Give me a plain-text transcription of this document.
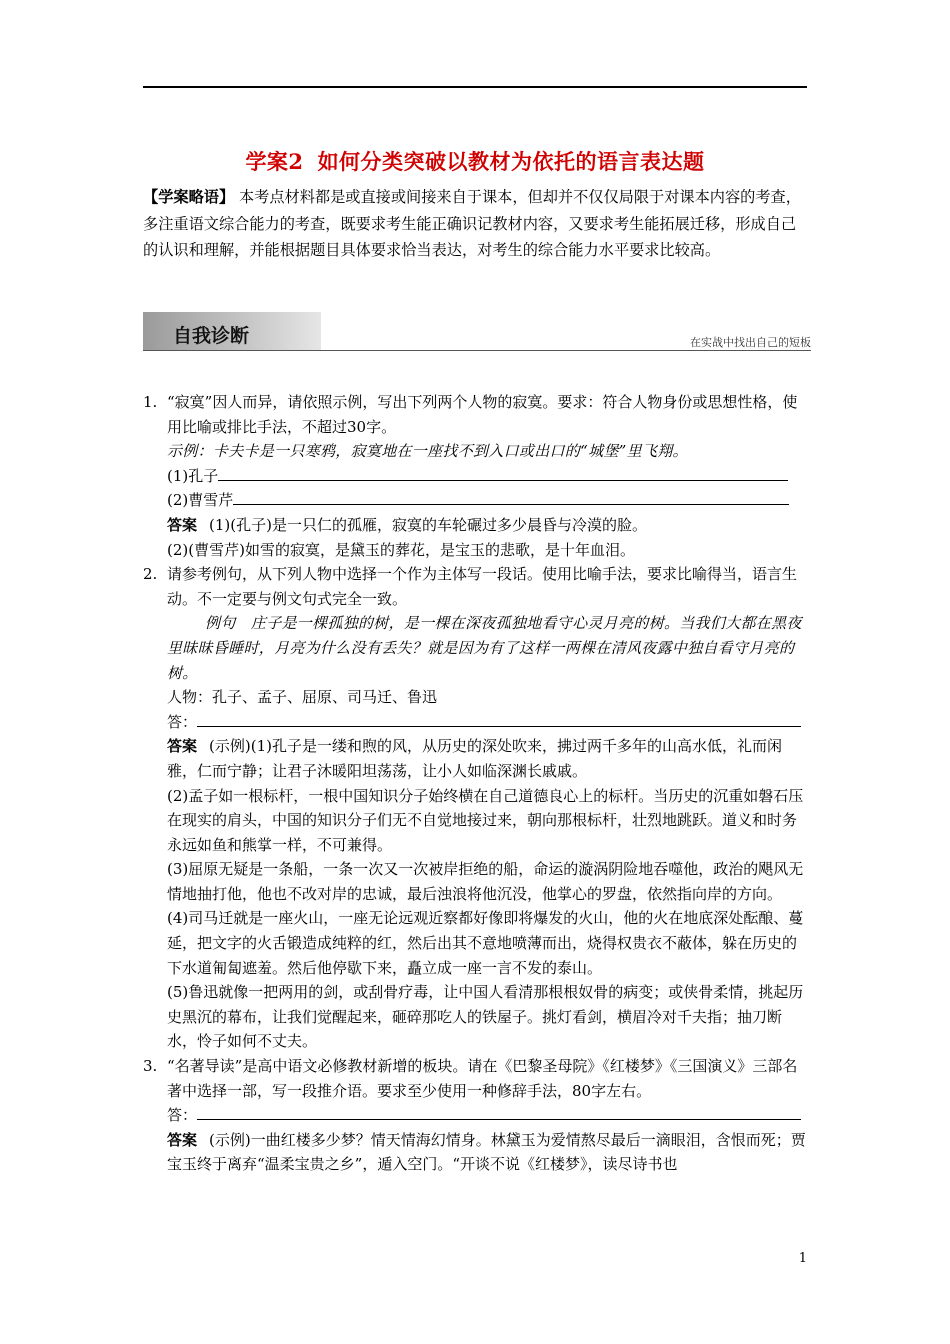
学案2 如何分类突破以教材为依托的语言表达题
【学案略语】 本考点材料都是或直接或间接来自于课本，但却并不仅仅局限于对课本内容的考查，多注重语文综合能力的考查，既要求考生能正确识记教材内容，又要求考生能拓展迁移，形成自己的认识和理解，并能根据题目具体要求恰当表达，对考生的综合能力水平要求比较高。
自我诊断	在实战中找出自己的短板
1. “寂寞”因人而异，请依照示例，写出下列两个人物的寂寞。要求：符合人物身份或思想性格，使用比喻或排比手法，不超过30字。
示例：卡夫卡是一只寒鸦，寂寞地在一座找不到入口或出口的“城堡”里飞翔。
(1)孔子
(2)曹雪芹
答案 (1)(孔子)是一只仁的孤雁，寂寞的车轮碾过多少晨昏与冷漠的脸。
(2)(曹雪芹)如雪的寂寞，是黛玉的葬花，是宝玉的悲歌，是十年血泪。
2. 请参考例句，从下列人物中选择一个作为主体写一段话。使用比喻手法，要求比喻得当，语言生动。不一定要与例文句式完全一致。
例句　庄子是一棵孤独的树，是一棵在深夜孤独地看守心灵月亮的树。当我们大都在黑夜里昧昧昏睡时，月亮为什么没有丢失？就是因为有了这样一两棵在清风夜露中独自看守月亮的树。
人物：孔子、孟子、屈原、司马迁、鲁迅
答：
答案 (示例)(1)孔子是一缕和煦的风，从历史的深处吹来，拂过两千多年的山高水低，礼而闲雅，仁而宁静；让君子沐暖阳坦荡荡，让小人如临深渊长戚戚。
(2)孟子如一根标杆，一根中国知识分子始终横在自己道德良心上的标杆。当历史的沉重如磐石压在现实的肩头，中国的知识分子们无不自觉地接过来，朝向那根标杆，壮烈地跳跃。道义和时务永远如鱼和熊掌一样，不可兼得。
(3)屈原无疑是一条船，一条一次又一次被岸拒绝的船，命运的漩涡阴险地吞噬他，政治的飓风无情地抽打他，他也不改对岸的忠诚，最后浊浪将他沉没，他掌心的罗盘，依然指向岸的方向。
(4)司马迁就是一座火山，一座无论远观近察都好像即将爆发的火山，他的火在地底深处酝酿、蔓延，把文字的火舌锻造成纯粹的红，然后出其不意地喷薄而出，烧得权贵衣不蔽体，躲在历史的下水道匍匐遮羞。然后他停歇下来，矗立成一座一言不发的泰山。
(5)鲁迅就像一把两用的剑，或刮骨疗毒，让中国人看清那根根奴骨的病变；或侠骨柔情，挑起历史黑沉的幕布，让我们觉醒起来，砸碎那吃人的铁屋子。挑灯看剑，横眉冷对千夫指；抽刀断水，怜子如何不丈夫。
3. “名著导读”是高中语文必修教材新增的板块。请在《巴黎圣母院》《红楼梦》《三国演义》三部名著中选择一部，写一段推介语。要求至少使用一种修辞手法，80字左右。
答：
答案 (示例)一曲红楼多少梦？情天情海幻情身。林黛玉为爱情熬尽最后一滴眼泪，含恨而死；贾宝玉终于离弃“温柔宝贵之乡”，遁入空门。“开谈不说《红楼梦》，读尽诗书也
1
